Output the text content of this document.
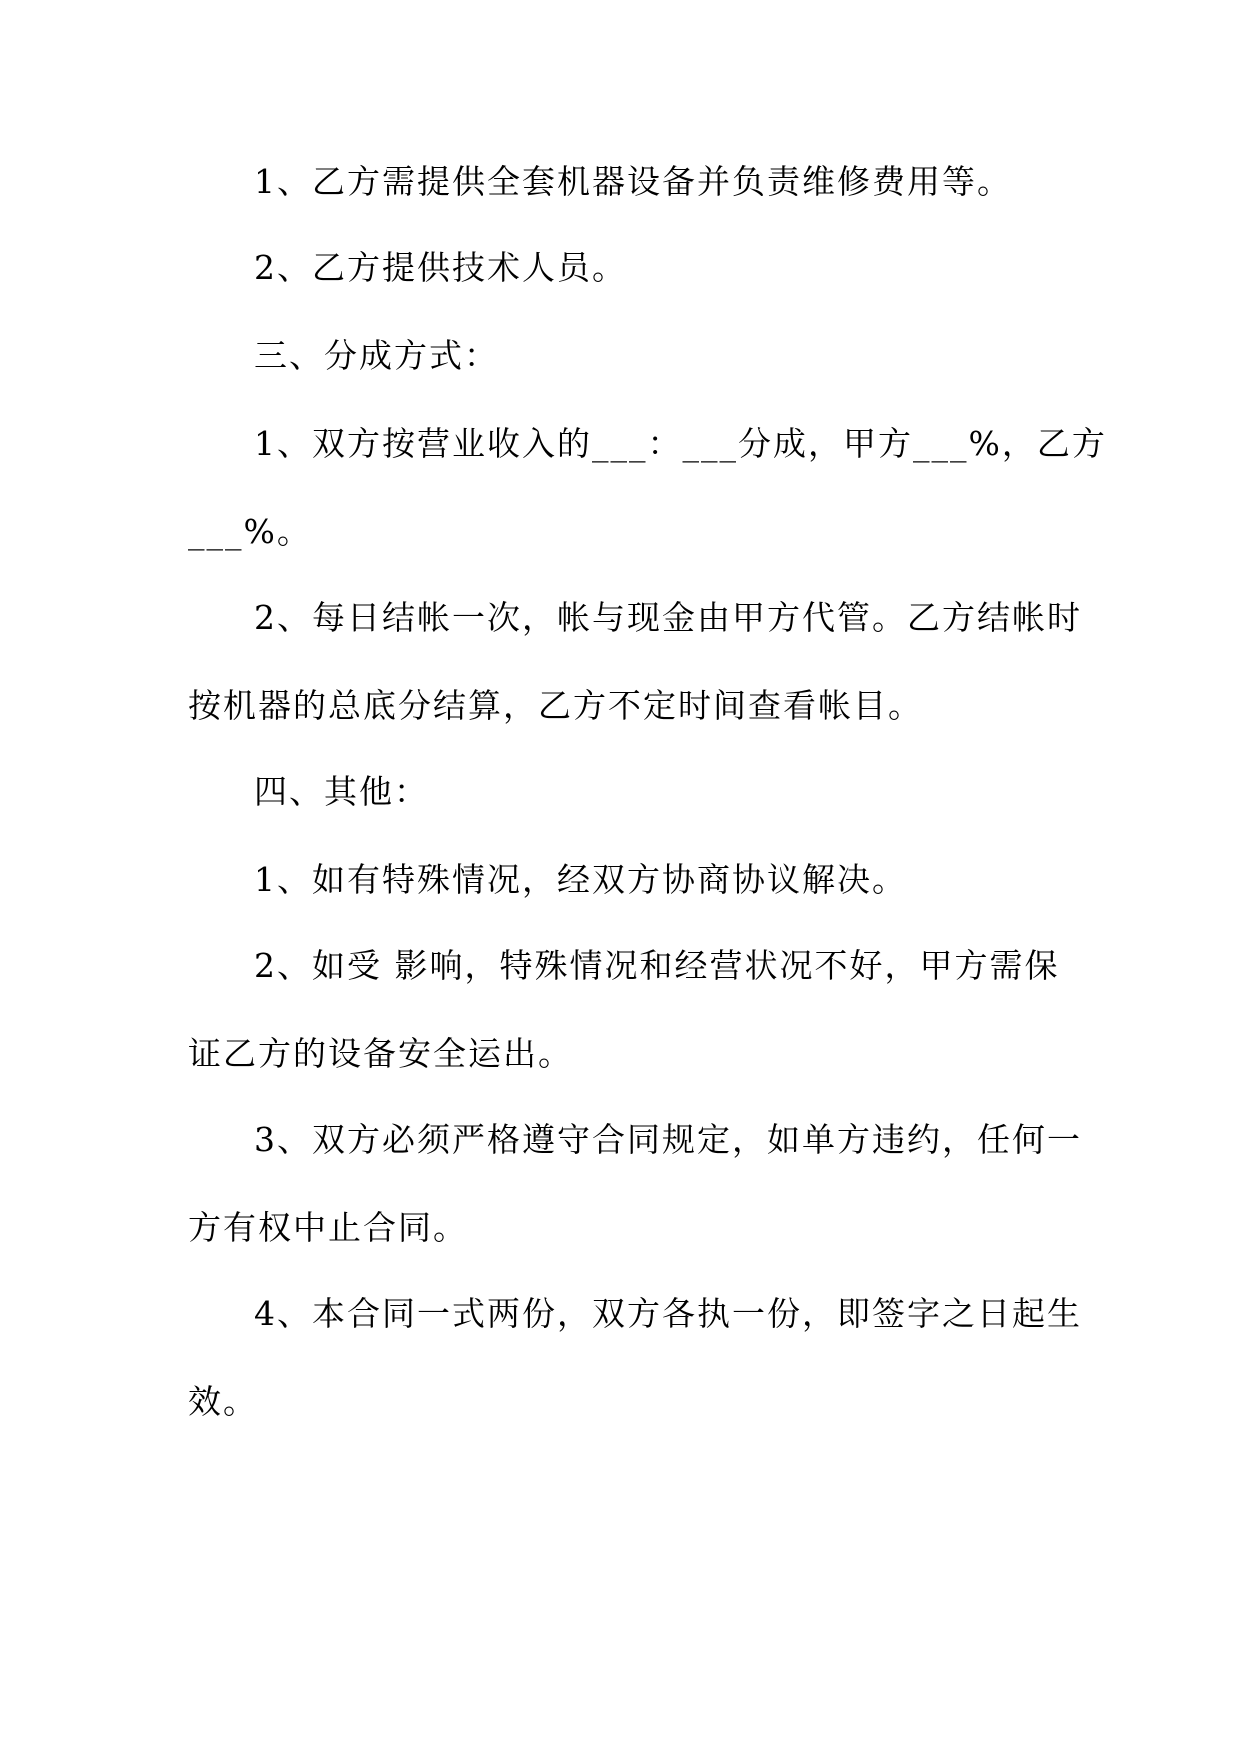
1、乙方需提供全套机器设备并负责维修费用等。
2、乙方提供技术人员。
三、分成方式：
1、双方按营业收入的___：___分成，甲方___%，乙方
___%。
2、每日结帐一次，帐与现金由甲方代管。乙方结帐时
按机器的总底分结算，乙方不定时间查看帐目。
四、其他：
1、如有特殊情况，经双方协商协议解决。
2、如受 影响，特殊情况和经营状况不好，甲方需保
证乙方的设备安全运出。
3、双方必须严格遵守合同规定，如单方违约，任何一
方有权中止合同。
4、本合同一式两份，双方各执一份，即签字之日起生
效。
